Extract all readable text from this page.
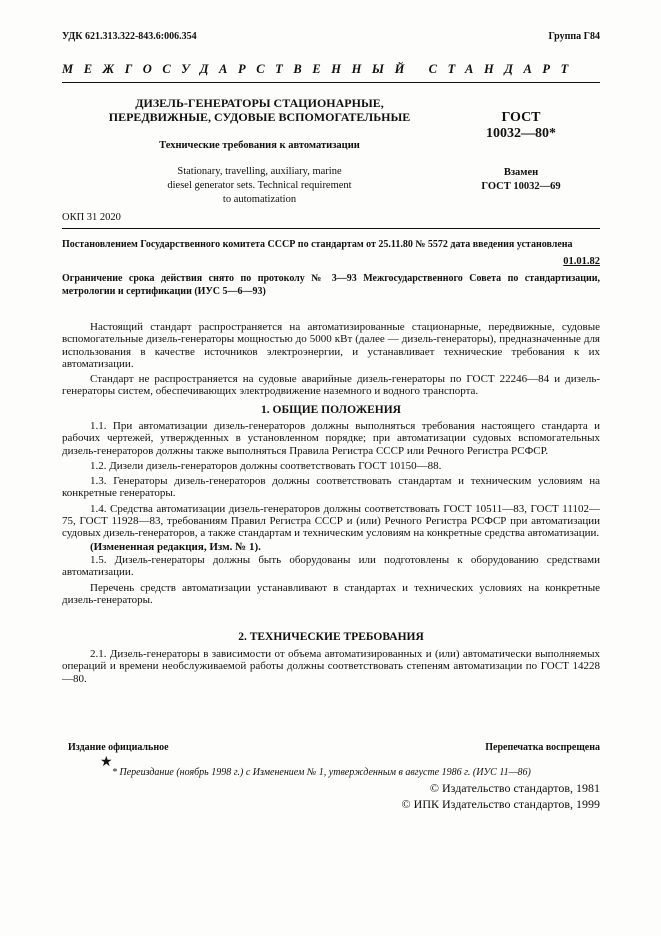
УДК 621.313.322-843.6:006.354	Группа Г84
МЕЖГОСУДАРСТВЕННЫЙ СТАНДАРТ
ДИЗЕЛЬ-ГЕНЕРАТОРЫ СТАЦИОНАРНЫЕ,
ПЕРЕДВИЖНЫЕ, СУДОВЫЕ ВСПОМОГАТЕЛЬНЫЕ
Технические требования к автоматизации
Stationary, travelling, auxiliary, marine
diesel generator sets. Technical requirement
to automatization
ГОСТ
10032—80*
Взамен
ГОСТ 10032—69
ОКП 31 2020
Постановлением Государственного комитета СССР по стандартам от 25.11.80 № 5572 дата введения установлена
01.01.82
Ограничение срока действия снято по протоколу № 3—93 Межгосударственного Совета по стандартизации, метрологии и сертификации (ИУС 5—6—93)

Настоящий стандарт распространяется на автоматизированные стационарные, передвижные, судовые вспомогательные дизель-генераторы мощностью до 5000 кВт (далее — дизель-генераторы), предназначенные для использования в качестве источников электроэнергии, и устанавливает технические требования к их автоматизации.

Стандарт не распространяется на судовые аварийные дизель-генераторы по ГОСТ 22246—84 и дизель-генераторы систем, обеспечивающих электродвижение наземного и водного транспорта.

1. ОБЩИЕ ПОЛОЖЕНИЯ

1.1. При автоматизации дизель-генераторов должны выполняться требования настоящего стандарта и рабочих чертежей, утвержденных в установленном порядке; при автоматизации судовых вспомогательных дизель-генераторов должны также выполняться Правила Регистра СССР или Речного Регистра РСФСР.

1.2. Дизели дизель-генераторов должны соответствовать ГОСТ 10150—88.

1.3. Генераторы дизель-генераторов должны соответствовать стандартам и техническим условиям на конкретные генераторы.

1.4. Средства автоматизации дизель-генераторов должны соответствовать ГОСТ 10511—83, ГОСТ 11102—75, ГОСТ 11928—83, требованиям Правил Регистра СССР и (или) Речного Регистра РСФСР при автоматизации судовых дизель-генераторов, а также стандартам и техническим условиям на конкретные средства автоматизации.

(Измененная редакция, Изм. № 1).

1.5. Дизель-генераторы должны быть оборудованы или подготовлены к оборудованию средствами автоматизации.

Перечень средств автоматизации устанавливают в стандартах и технических условиях на конкретные дизель-генераторы.

2. ТЕХНИЧЕСКИЕ ТРЕБОВАНИЯ

2.1. Дизель-генераторы в зависимости от объема автоматизированных и (или) автоматически выполняемых операций и времени необслуживаемой работы должны соответствовать степеням автоматизации по ГОСТ 14228—80.

Издание официальное	Перепечатка воспрещена
★
* Переиздание (ноябрь 1998 г.) с Изменением № 1, утвержденным в августе 1986 г. (ИУС 11—86)
© Издательство стандартов, 1981
© ИПК Издательство стандартов, 1999
